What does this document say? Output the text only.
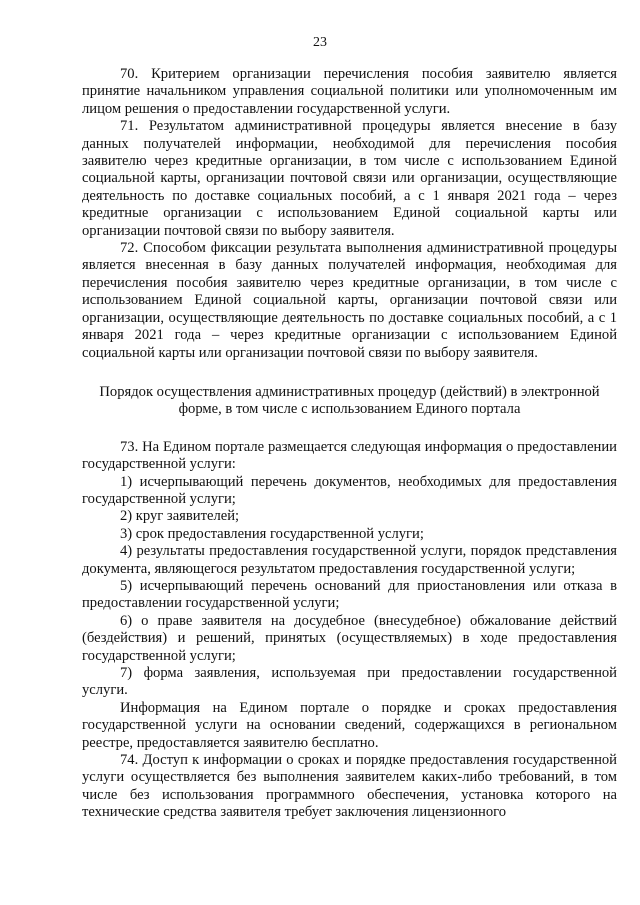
23

70. Критерием организации перечисления пособия заявителю является принятие начальником управления социальной политики или уполномоченным им лицом решения о предоставлении государственной услуги.

71. Результатом административной процедуры является внесение в базу данных получателей информации, необходимой для перечисления пособия заявителю через кредитные организации, в том числе с использованием Единой социальной карты, организации почтовой связи или организации, осуществляющие деятельность по доставке социальных пособий, а с 1 января 2021 года – через кредитные организации с использованием Единой социальной карты или организации почтовой связи по выбору заявителя.

72. Способом фиксации результата выполнения административной процедуры является внесенная в базу данных получателей информация, необходимая для перечисления пособия заявителю через кредитные организации, в том числе с использованием Единой социальной карты, организации почтовой связи или организации, осуществляющие деятельность по доставке социальных пособий, а с 1 января 2021 года – через кредитные организации с использованием Единой социальной карты или организации почтовой связи по выбору заявителя.

Порядок осуществления административных процедур (действий) в электронной форме, в том числе с использованием Единого портала

73. На Едином портале размещается следующая информация о предоставлении государственной услуги:

1) исчерпывающий перечень документов, необходимых для предоставления государственной услуги;

2) круг заявителей;

3) срок предоставления государственной услуги;

4) результаты предоставления государственной услуги, порядок представления документа, являющегося результатом предоставления государственной услуги;

5) исчерпывающий перечень оснований для приостановления или отказа в предоставлении государственной услуги;

6) о праве заявителя на досудебное (внесудебное) обжалование действий (бездействия) и решений, принятых (осуществляемых) в ходе предоставления государственной услуги;

7) форма заявления, используемая при предоставлении государственной услуги.

Информация на Едином портале о порядке и сроках предоставления государственной услуги на основании сведений, содержащихся в региональном реестре, предоставляется заявителю бесплатно.

74. Доступ к информации о сроках и порядке предоставления государственной услуги осуществляется без выполнения заявителем каких-либо требований, в том числе без использования программного обеспечения, установка которого на технические средства заявителя требует заключения лицензионного
